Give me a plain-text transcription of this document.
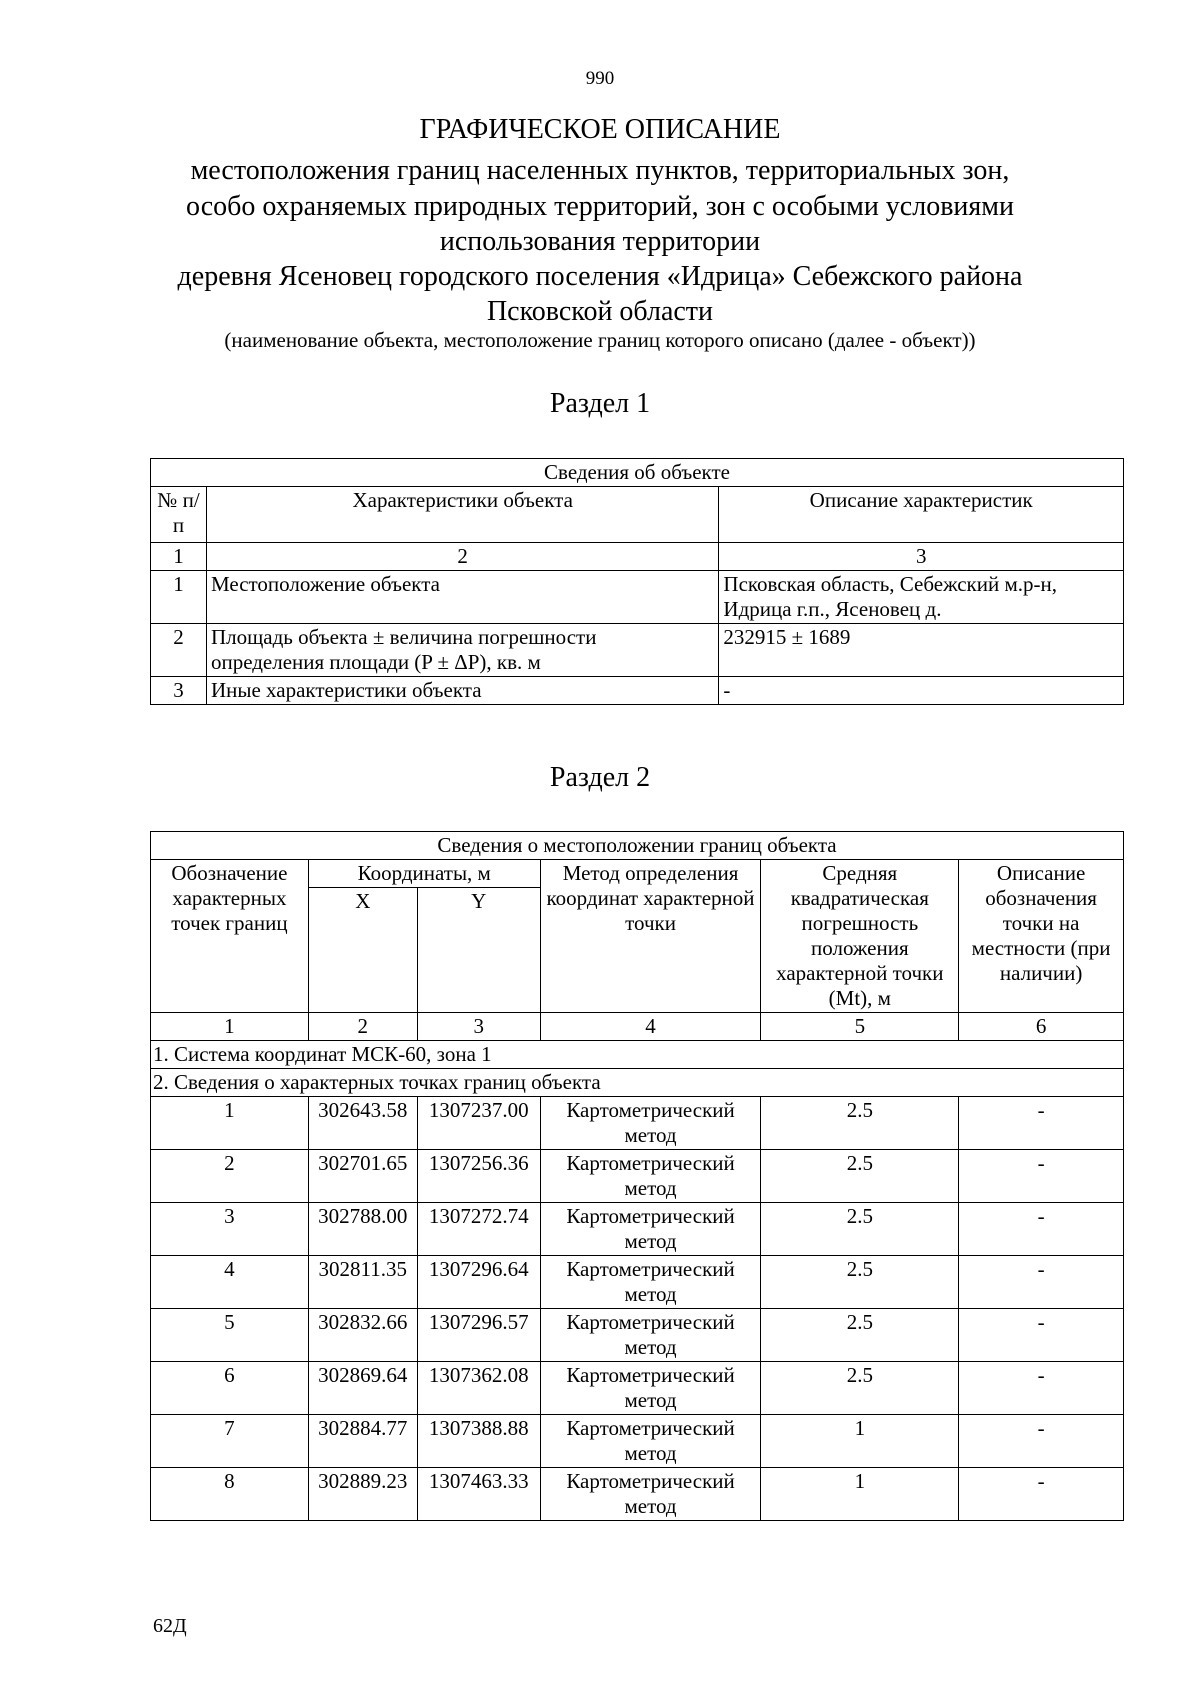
990
ГРАФИЧЕСКОЕ ОПИСАНИЕ
местоположения границ населенных пунктов, территориальных зон,
особо охраняемых природных территорий, зон с особыми условиями
использования территории
деревня Ясеновец городского поселения «Идрица» Себежского района
Псковской области
(наименование объекта, местоположение границ которого описано (далее - объект))
Раздел 1
Сведения об объекте		
№ п/п	Характеристики объекта	Описание характеристик
1	2	3
1	Местоположение объекта	Псковская область, Себежский м.р-н, Идрица г.п., Ясеновец д.
2	Площадь объекта ± величина погрешности определения площади (P ± ΔP), кв. м	232915 ± 1689
3	Иные характеристики объекта	-
Раздел 2
Сведения о местоположении границ объекта					
Обозначение характерных точек границ	Координаты, м		Метод определения координат характерной точки	Средняя квадратическая погрешность положения характерной точки (Mt), м	Описание обозначения точки на местности (при наличии)
	X	Y			
1	2	3	4	5	6
1. Система координат МСК-60, зона 1					
2. Сведения о характерных точках границ объекта					
1	302643.58	1307237.00	Картометрический метод	2.5	-
2	302701.65	1307256.36	Картометрический метод	2.5	-
3	302788.00	1307272.74	Картометрический метод	2.5	-
4	302811.35	1307296.64	Картометрический метод	2.5	-
5	302832.66	1307296.57	Картометрический метод	2.5	-
6	302869.64	1307362.08	Картометрический метод	2.5	-
7	302884.77	1307388.88	Картометрический метод	1	-
8	302889.23	1307463.33	Картометрический метод	1	-
62Д
